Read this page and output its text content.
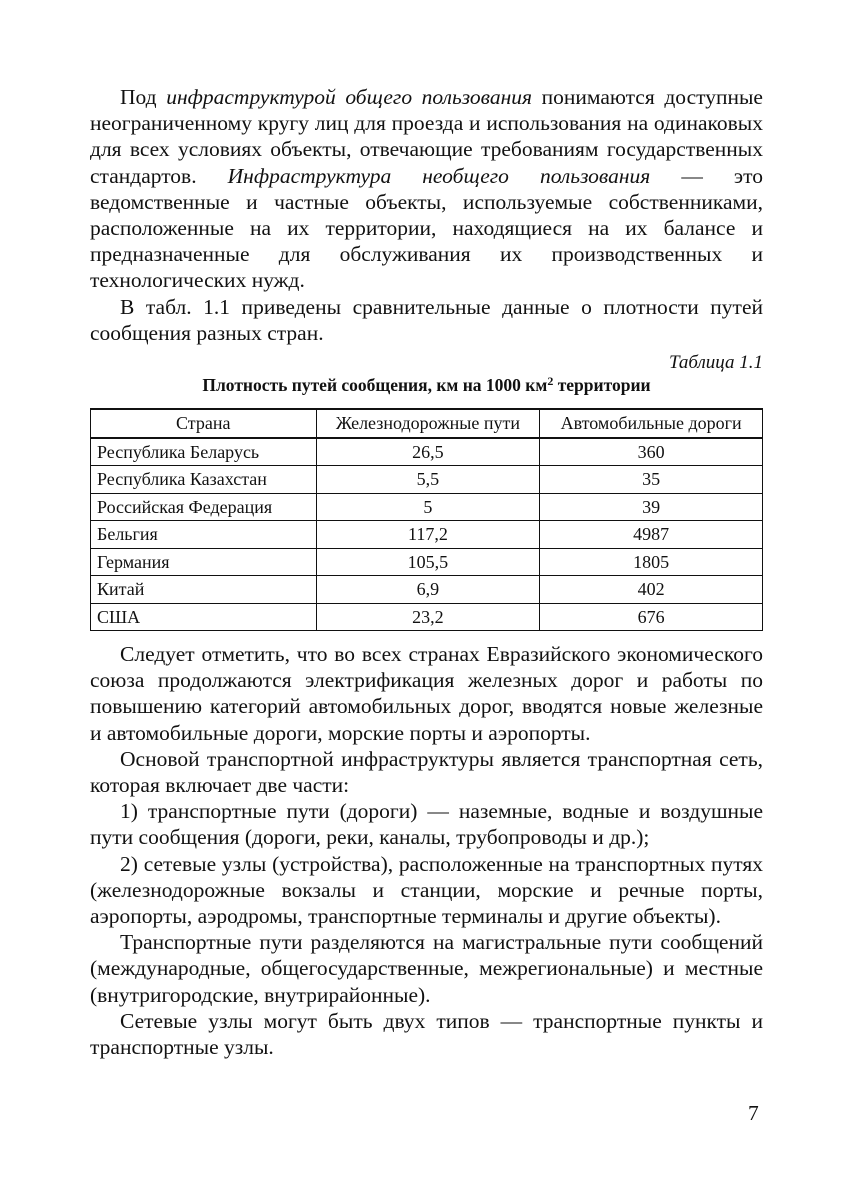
Под инфраструктурой общего пользования понимаются доступные неограниченному кругу лиц для проезда и использования на одинаковых для всех условиях объекты, отвечающие требованиям государственных стандартов. Инфраструктура необщего пользования — это ведомственные и частные объекты, используемые собственниками, расположенные на их территории, находящиеся на их балансе и предназначенные для обслуживания их производственных и технологических нужд.

В табл. 1.1 приведены сравнительные данные о плотности путей сообщения разных стран.

Таблица 1.1

Плотность путей сообщения, км на 1000 $км^2$ территории

Страна	Железнодорожные пути	Автомобильные дороги
Республика Беларусь	26,5	360
Республика Казахстан	5,5	35
Российская Федерация	5	39
Бельгия	117,2	4987
Германия	105,5	1805
Китай	6,9	402
США	23,2	676

Следует отметить, что во всех странах Евразийского экономического союза продолжаются электрификация железных дорог и работы по повышению категорий автомобильных дорог, вводятся новые железные и автомобильные дороги, морские порты и аэропорты.

Основой транспортной инфраструктуры является транспортная сеть, которая включает две части:

1) транспортные пути (дороги) — наземные, водные и воздушные пути сообщения (дороги, реки, каналы, трубопроводы и др.);

2) сетевые узлы (устройства), расположенные на транспортных путях (железнодорожные вокзалы и станции, морские и речные порты, аэропорты, аэродромы, транспортные терминалы и другие объекты).

Транспортные пути разделяются на магистральные пути сообщений (международные, общегосударственные, межрегиональные) и местные (внутригородские, внутрирайонные).

Сетевые узлы могут быть двух типов — транспортные пункты и транспортные узлы.

7
